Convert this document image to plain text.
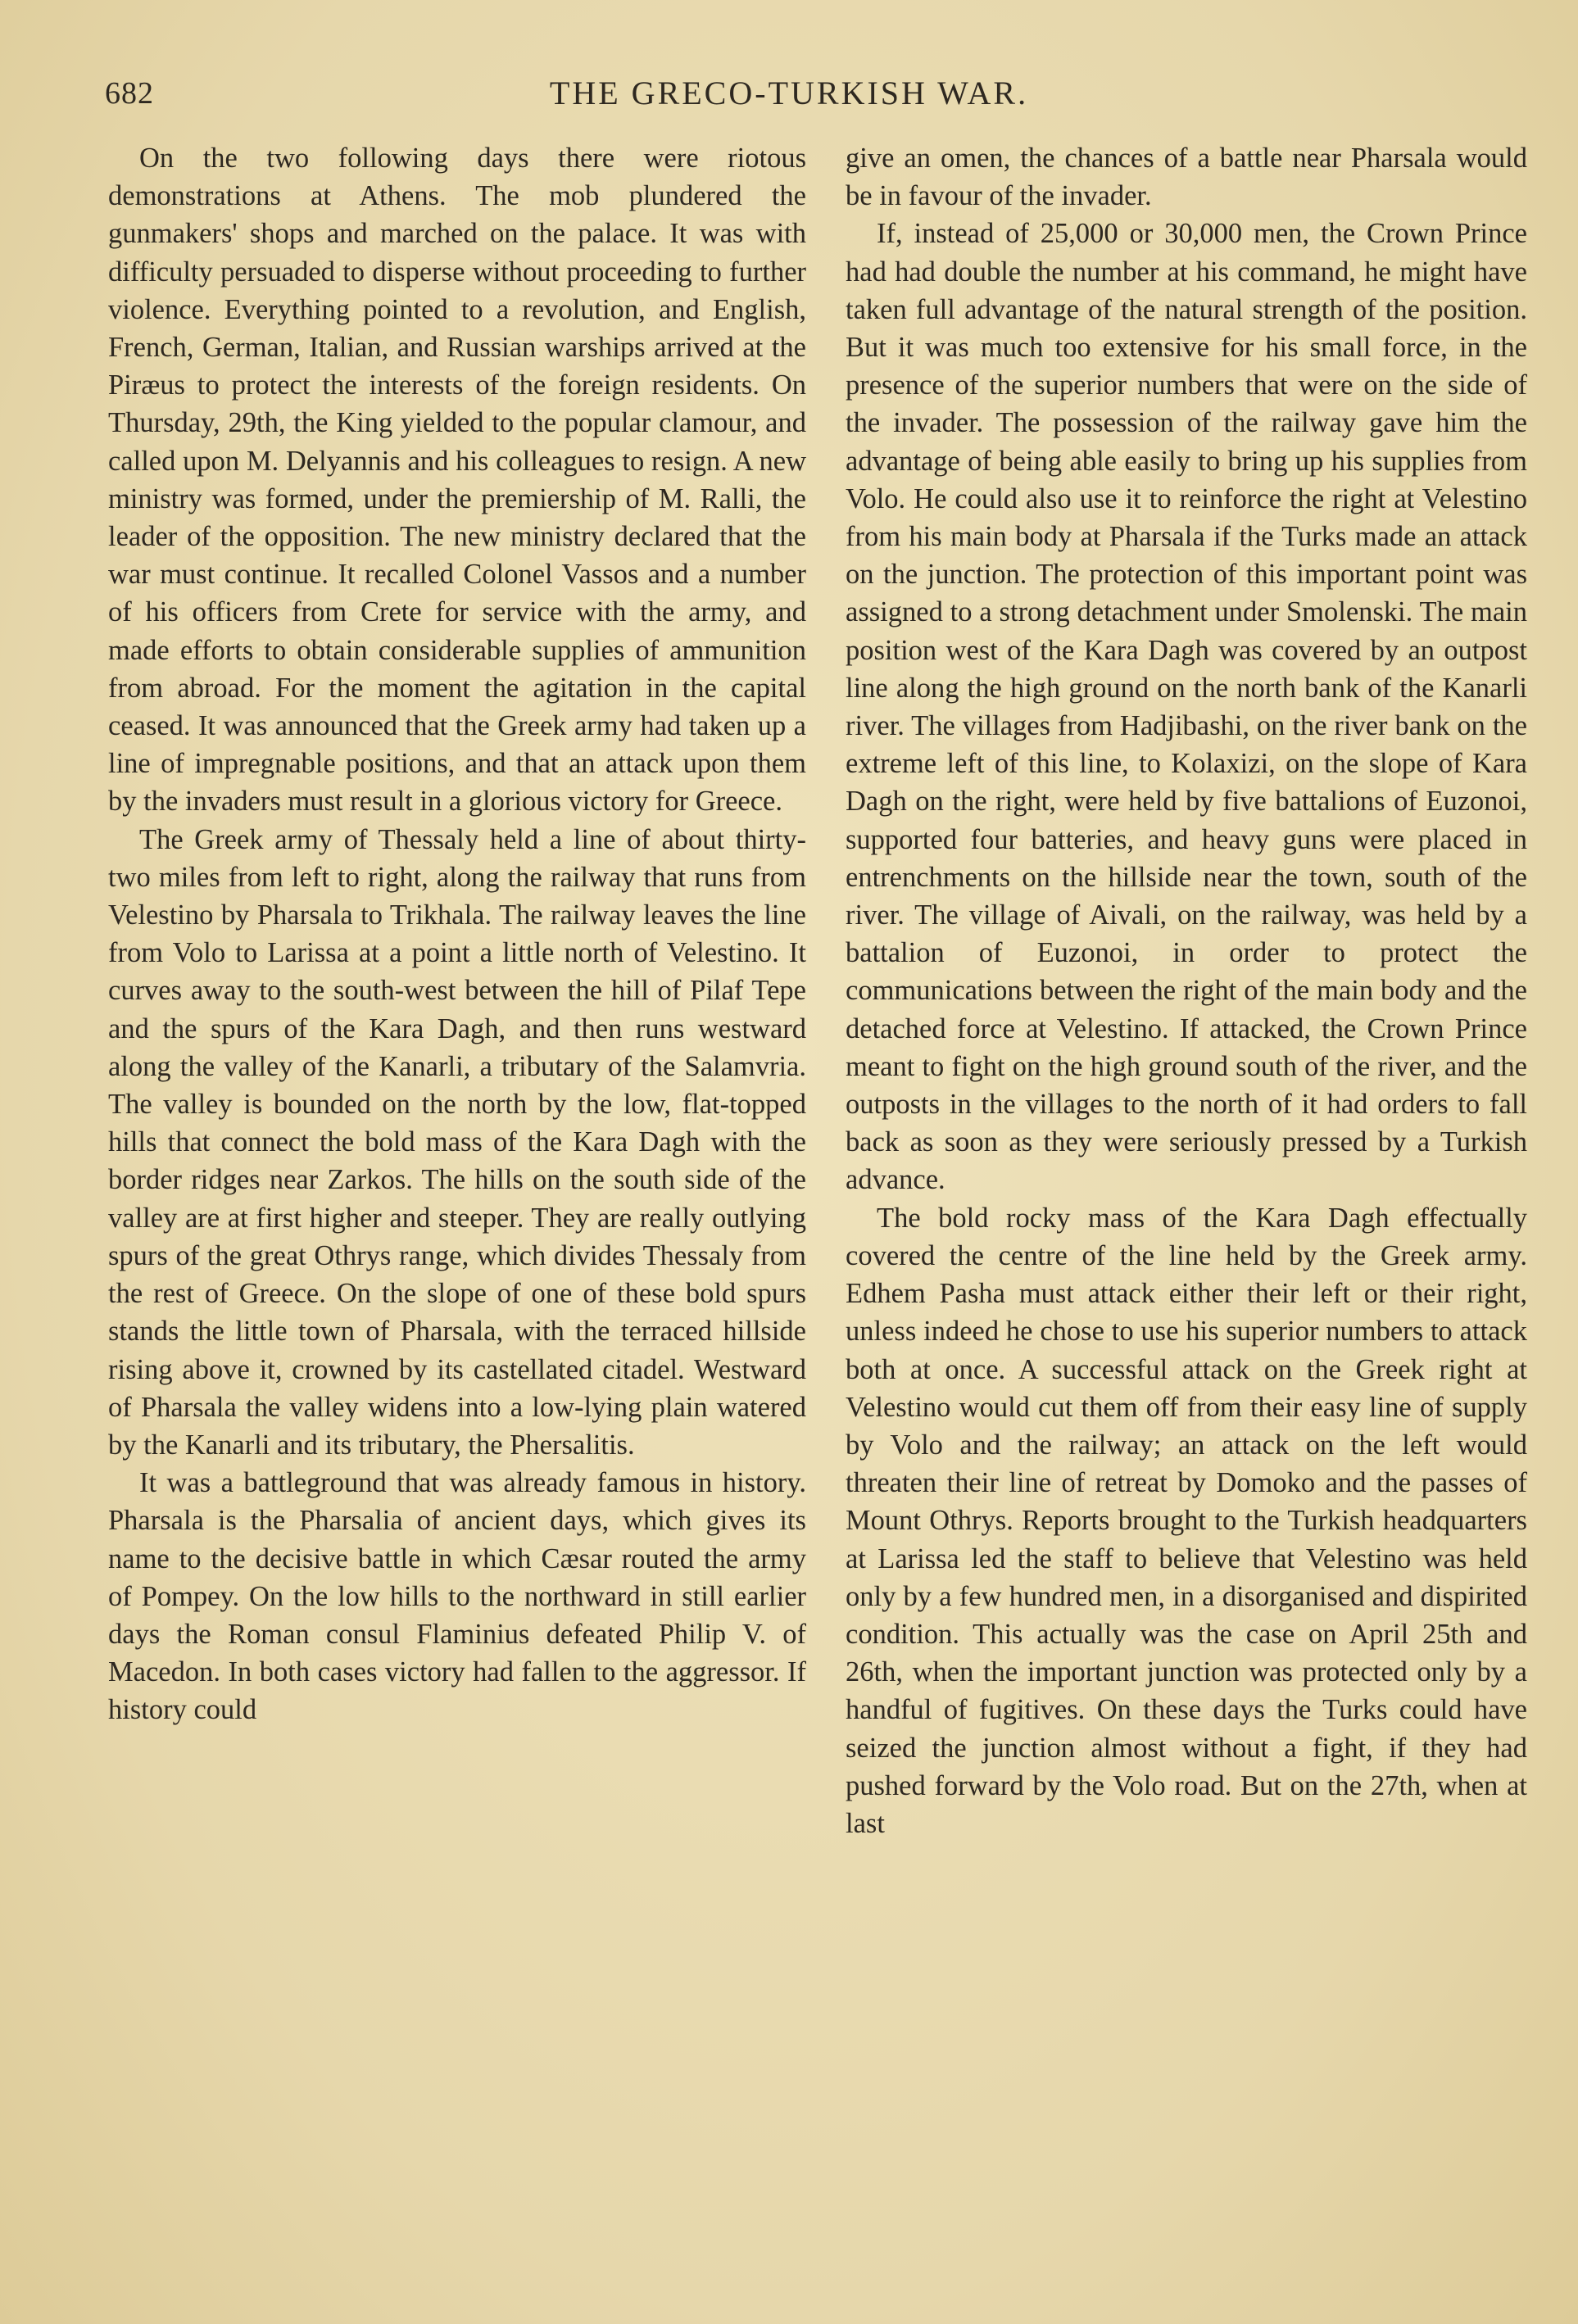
682	THE GRECO-TURKISH WAR.

On the two following days there were riotous demonstrations at Athens. The mob plundered the gunmakers' shops and marched on the palace. It was with difficulty persuaded to disperse without proceeding to further violence. Everything pointed to a revolution, and English, French, German, Italian, and Russian warships arrived at the Piræus to protect the interests of the foreign residents. On Thursday, 29th, the King yielded to the popular clamour, and called upon M. Delyannis and his colleagues to resign. A new ministry was formed, under the premiership of M. Ralli, the leader of the opposition. The new ministry declared that the war must continue. It recalled Colonel Vassos and a number of his officers from Crete for service with the army, and made efforts to obtain considerable supplies of ammunition from abroad. For the moment the agitation in the capital ceased. It was announced that the Greek army had taken up a line of impregnable positions, and that an attack upon them by the invaders must result in a glorious victory for Greece.

The Greek army of Thessaly held a line of about thirty-two miles from left to right, along the railway that runs from Velestino by Pharsala to Trikhala. The railway leaves the line from Volo to Larissa at a point a little north of Velestino. It curves away to the south-west between the hill of Pilaf Tepe and the spurs of the Kara Dagh, and then runs westward along the valley of the Kanarli, a tributary of the Salamvria. The valley is bounded on the north by the low, flat-topped hills that connect the bold mass of the Kara Dagh with the border ridges near Zarkos. The hills on the south side of the valley are at first higher and steeper. They are really outlying spurs of the great Othrys range, which divides Thessaly from the rest of Greece. On the slope of one of these bold spurs stands the little town of Pharsala, with the terraced hillside rising above it, crowned by its castellated citadel. Westward of Pharsala the valley widens into a low-lying plain watered by the Kanarli and its tributary, the Phersalitis.

It was a battleground that was already famous in history. Pharsala is the Pharsalia of ancient days, which gives its name to the decisive battle in which Cæsar routed the army of Pompey. On the low hills to the northward in still earlier days the Roman consul Flaminius defeated Philip V. of Macedon. In both cases victory had fallen to the aggressor. If history could

give an omen, the chances of a battle near Pharsala would be in favour of the invader.

If, instead of 25,000 or 30,000 men, the Crown Prince had had double the number at his command, he might have taken full advantage of the natural strength of the position. But it was much too extensive for his small force, in the presence of the superior numbers that were on the side of the invader. The possession of the railway gave him the advantage of being able easily to bring up his supplies from Volo. He could also use it to reinforce the right at Velestino from his main body at Pharsala if the Turks made an attack on the junction. The protection of this important point was assigned to a strong detachment under Smolenski. The main position west of the Kara Dagh was covered by an outpost line along the high ground on the north bank of the Kanarli river. The villages from Hadjibashi, on the river bank on the extreme left of this line, to Kolaxizi, on the slope of Kara Dagh on the right, were held by five battalions of Euzonoi, supported four batteries, and heavy guns were placed in entrenchments on the hillside near the town, south of the river. The village of Aivali, on the railway, was held by a battalion of Euzonoi, in order to protect the communications between the right of the main body and the detached force at Velestino. If attacked, the Crown Prince meant to fight on the high ground south of the river, and the outposts in the villages to the north of it had orders to fall back as soon as they were seriously pressed by a Turkish advance.

The bold rocky mass of the Kara Dagh effectually covered the centre of the line held by the Greek army. Edhem Pasha must attack either their left or their right, unless indeed he chose to use his superior numbers to attack both at once. A successful attack on the Greek right at Velestino would cut them off from their easy line of supply by Volo and the railway; an attack on the left would threaten their line of retreat by Domoko and the passes of Mount Othrys. Reports brought to the Turkish headquarters at Larissa led the staff to believe that Velestino was held only by a few hundred men, in a disorganised and dispirited condition. This actually was the case on April 25th and 26th, when the important junction was protected only by a handful of fugitives. On these days the Turks could have seized the junction almost without a fight, if they had pushed forward by the Volo road. But on the 27th, when at last
